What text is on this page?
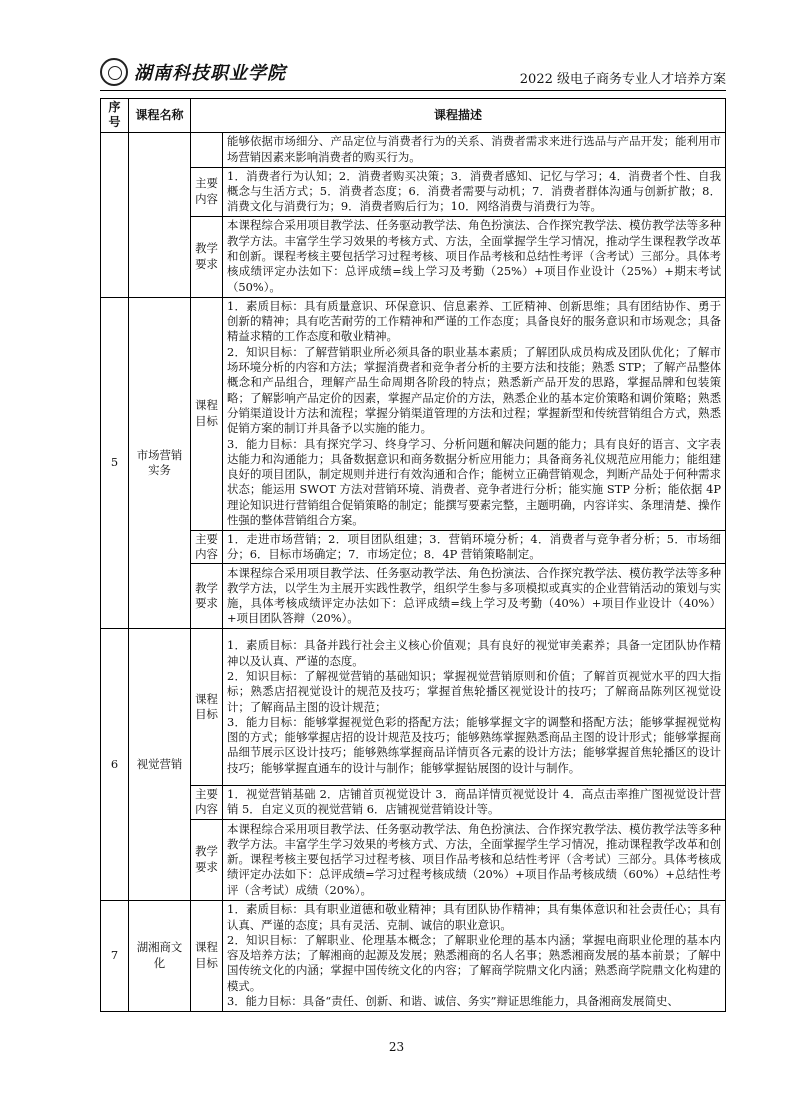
湖南科技职业学院	2022 级电子商务专业人才培养方案
序号	课程名称	课程描述	
			能够依据市场细分、产品定位与消费者行为的关系、消费者需求来进行选品与产品开发；能利用市场营销因素来影响消费者的购买行为。
		主要内容	1．消费者行为认知；2．消费者购买决策；3．消费者感知、记忆与学习；4．消费者个性、自我概念与生活方式；5．消费者态度；6．消费者需要与动机；7．消费者群体沟通与创新扩散；8．消费文化与消费行为；9．消费者购后行为；10．网络消费与消费行为等。
		教学要求	本课程综合采用项目教学法、任务驱动教学法、角色扮演法、合作探究教学法、模仿教学法等多种教学方法。丰富学生学习效果的考核方式、方法，全面掌握学生学习情况，推动学生课程教学改革和创新。课程考核主要包括学习过程考核、项目作品考核和总结性考评（含考试）三部分。具体考核成绩评定办法如下：总评成绩=线上学习及考勤（25%）+项目作业设计（25%）+期末考试（50%）。
5	市场营销实务	课程目标	1．素质目标：具有质量意识、环保意识、信息素养、工匠精神、创新思维；具有团结协作、勇于创新的精神；具有吃苦耐劳的工作精神和严谨的工作态度；具备良好的服务意识和市场观念；具备精益求精的工作态度和敬业精神。
2．知识目标：了解营销职业所必须具备的职业基本素质；了解团队成员构成及团队优化；了解市场环境分析的内容和方法；掌握消费者和竞争者分析的主要方法和技能；熟悉 STP；了解产品整体概念和产品组合，理解产品生命周期各阶段的特点；熟悉新产品开发的思路，掌握品牌和包装策略；了解影响产品定价的因素，掌握产品定价的方法，熟悉企业的基本定价策略和调价策略；熟悉分销渠道设计方法和流程；掌握分销渠道管理的方法和过程；掌握新型和传统营销组合方式，熟悉促销方案的制订并具备予以实施的能力。
3．能力目标：具有探究学习、终身学习、分析问题和解决问题的能力；具有良好的语言、文字表达能力和沟通能力；具备数据意识和商务数据分析应用能力；具备商务礼仪规范应用能力；能组建良好的项目团队，制定规则并进行有效沟通和合作；能树立正确营销观念，判断产品处于何种需求状态；能运用 SWOT 方法对营销环境、消费者、竞争者进行分析；能实施 STP 分析；能依据 4P 理论知识进行营销组合促销策略的制定；能撰写要素完整，主题明确，内容详实、条理清楚、操作性强的整体营销组合方案。

		主要内容	1．走进市场营销；2．项目团队组建；3．营销环境分析；4．消费者与竞争者分析；5．市场细分；6．目标市场确定；7．市场定位；8．4P 营销策略制定。
		教学要求	本课程综合采用项目教学法、任务驱动教学法、角色扮演法、合作探究教学法、模仿教学法等多种教学方法，以学生为主展开实践性教学，组织学生参与多项模拟或真实的企业营销活动的策划与实施，具体考核成绩评定办法如下：总评成绩=线上学习及考勤（40%）+项目作业设计（40%）+项目团队答辩（20%）。
6	视觉营销	课程目标	1．素质目标：具备并践行社会主义核心价值观；具有良好的视觉审美素养；具备一定团队协作精神以及认真、严谨的态度。
2．知识目标：了解视觉营销的基础知识；掌握视觉营销原则和价值；了解首页视觉水平的四大指标；熟悉店招视觉设计的规范及技巧；掌握首焦轮播区视觉设计的技巧；了解商品陈列区视觉设计；了解商品主图的设计规范；
3．能力目标：能够掌握视觉色彩的搭配方法；能够掌握文字的调整和搭配方法；能够掌握视觉构图的方式；能够掌握店招的设计规范及技巧；能够熟练掌握熟悉商品主图的设计形式；能够掌握商品细节展示区设计技巧；能够熟练掌握商品详情页各元素的设计方法；能够掌握首焦轮播区的设计技巧；能够掌握直通车的设计与制作；能够掌握钻展图的设计与制作。

		主要内容	1．视觉营销基础 2．店铺首页视觉设计 3．商品详情页视觉设计 4．高点击率推广图视觉设计营销 5．自定义页的视觉营销 6．店铺视觉营销设计等。
		教学要求	本课程综合采用项目教学法、任务驱动教学法、角色扮演法、合作探究教学法、模仿教学法等多种教学方法。丰富学生学习效果的考核方式、方法，全面掌握学生学习情况，推动课程教学改革和创新。课程考核主要包括学习过程考核、项目作品考核和总结性考评（含考试）三部分。具体考核成绩评定办法如下：总评成绩=学习过程考核成绩（20%）+项目作品考核成绩（60%）+总结性考评（含考试）成绩（20%）。
7	湖湘商文化	课程目标	1．素质目标：具有职业道德和敬业精神；具有团队协作精神；具有集体意识和社会责任心；具有认真、严谨的态度；具有灵活、克制、诚信的职业意识。
2．知识目标：了解职业、伦理基本概念；了解职业伦理的基本内涵；掌握电商职业伦理的基本内容及培养方法；了解湘商的起源及发展；熟悉湘商的名人名事；熟悉湘商发展的基本前景；了解中国传统文化的内涵；掌握中国传统文化的内容；了解商学院鼎文化内涵；熟悉商学院鼎文化构建的模式。
3．能力目标：具备“责任、创新、和谐、诚信、务实”辩证思维能力，具备湘商发展简史、
23
